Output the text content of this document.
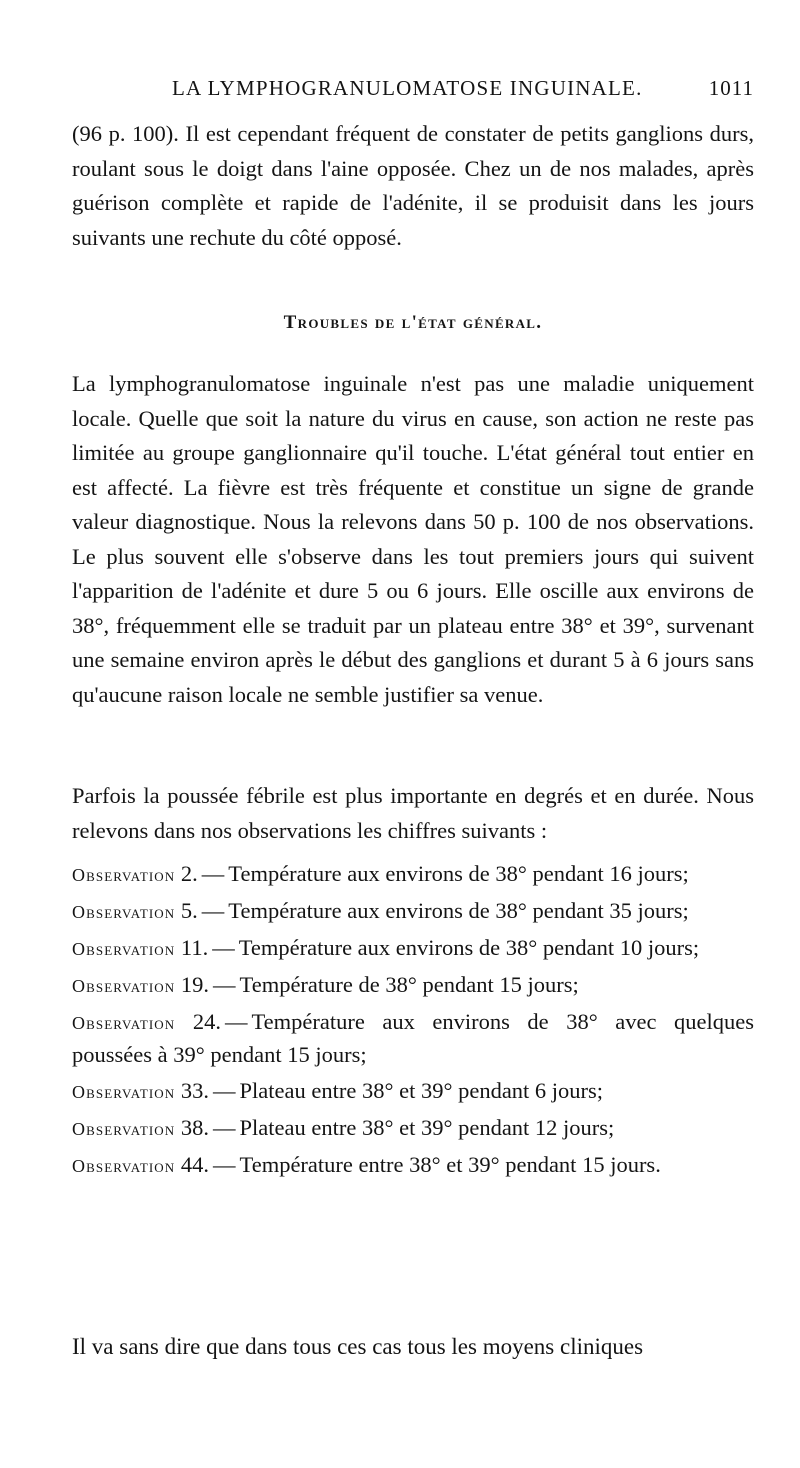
LA LYMPHOGRANULOMATOSE INGUINALE.	1011

(96 p. 100). Il est cependant fréquent de constater de petits ganglions durs, roulant sous le doigt dans l'aine opposée. Chez un de nos malades, après guérison complète et rapide de l'adénite, il se produisit dans les jours suivants une rechute du côté opposé.

Troubles de l'état général.

La lymphogranulomatose inguinale n'est pas une maladie uniquement locale. Quelle que soit la nature du virus en cause, son action ne reste pas limitée au groupe ganglionnaire qu'il touche. L'état général tout entier en est affecté. La fièvre est très fréquente et constitue un signe de grande valeur diagnostique. Nous la relevons dans 50 p. 100 de nos observations. Le plus souvent elle s'observe dans les tout premiers jours qui suivent l'apparition de l'adénite et dure 5 ou 6 jours. Elle oscille aux environs de 38°, fréquemment elle se traduit par un plateau entre 38° et 39°, survenant une semaine environ après le début des ganglions et durant 5 à 6 jours sans qu'aucune raison locale ne semble justifier sa venue.

Parfois la poussée fébrile est plus importante en degrés et en durée. Nous relevons dans nos observations les chiffres suivants :

Observation 2. — Température aux environs de 38° pendant 16 jours;
Observation 5. — Température aux environs de 38° pendant 35 jours;
Observation 11. — Température aux environs de 38° pendant 10 jours;
Observation 19. — Température de 38° pendant 15 jours;
Observation 24. — Température aux environs de 38° avec quelques poussées à 39° pendant 15 jours;
Observation 33. — Plateau entre 38° et 39° pendant 6 jours;
Observation 38. — Plateau entre 38° et 39° pendant 12 jours;
Observation 44. — Température entre 38° et 39° pendant 15 jours.

Il va sans dire que dans tous ces cas tous les moyens cliniques
